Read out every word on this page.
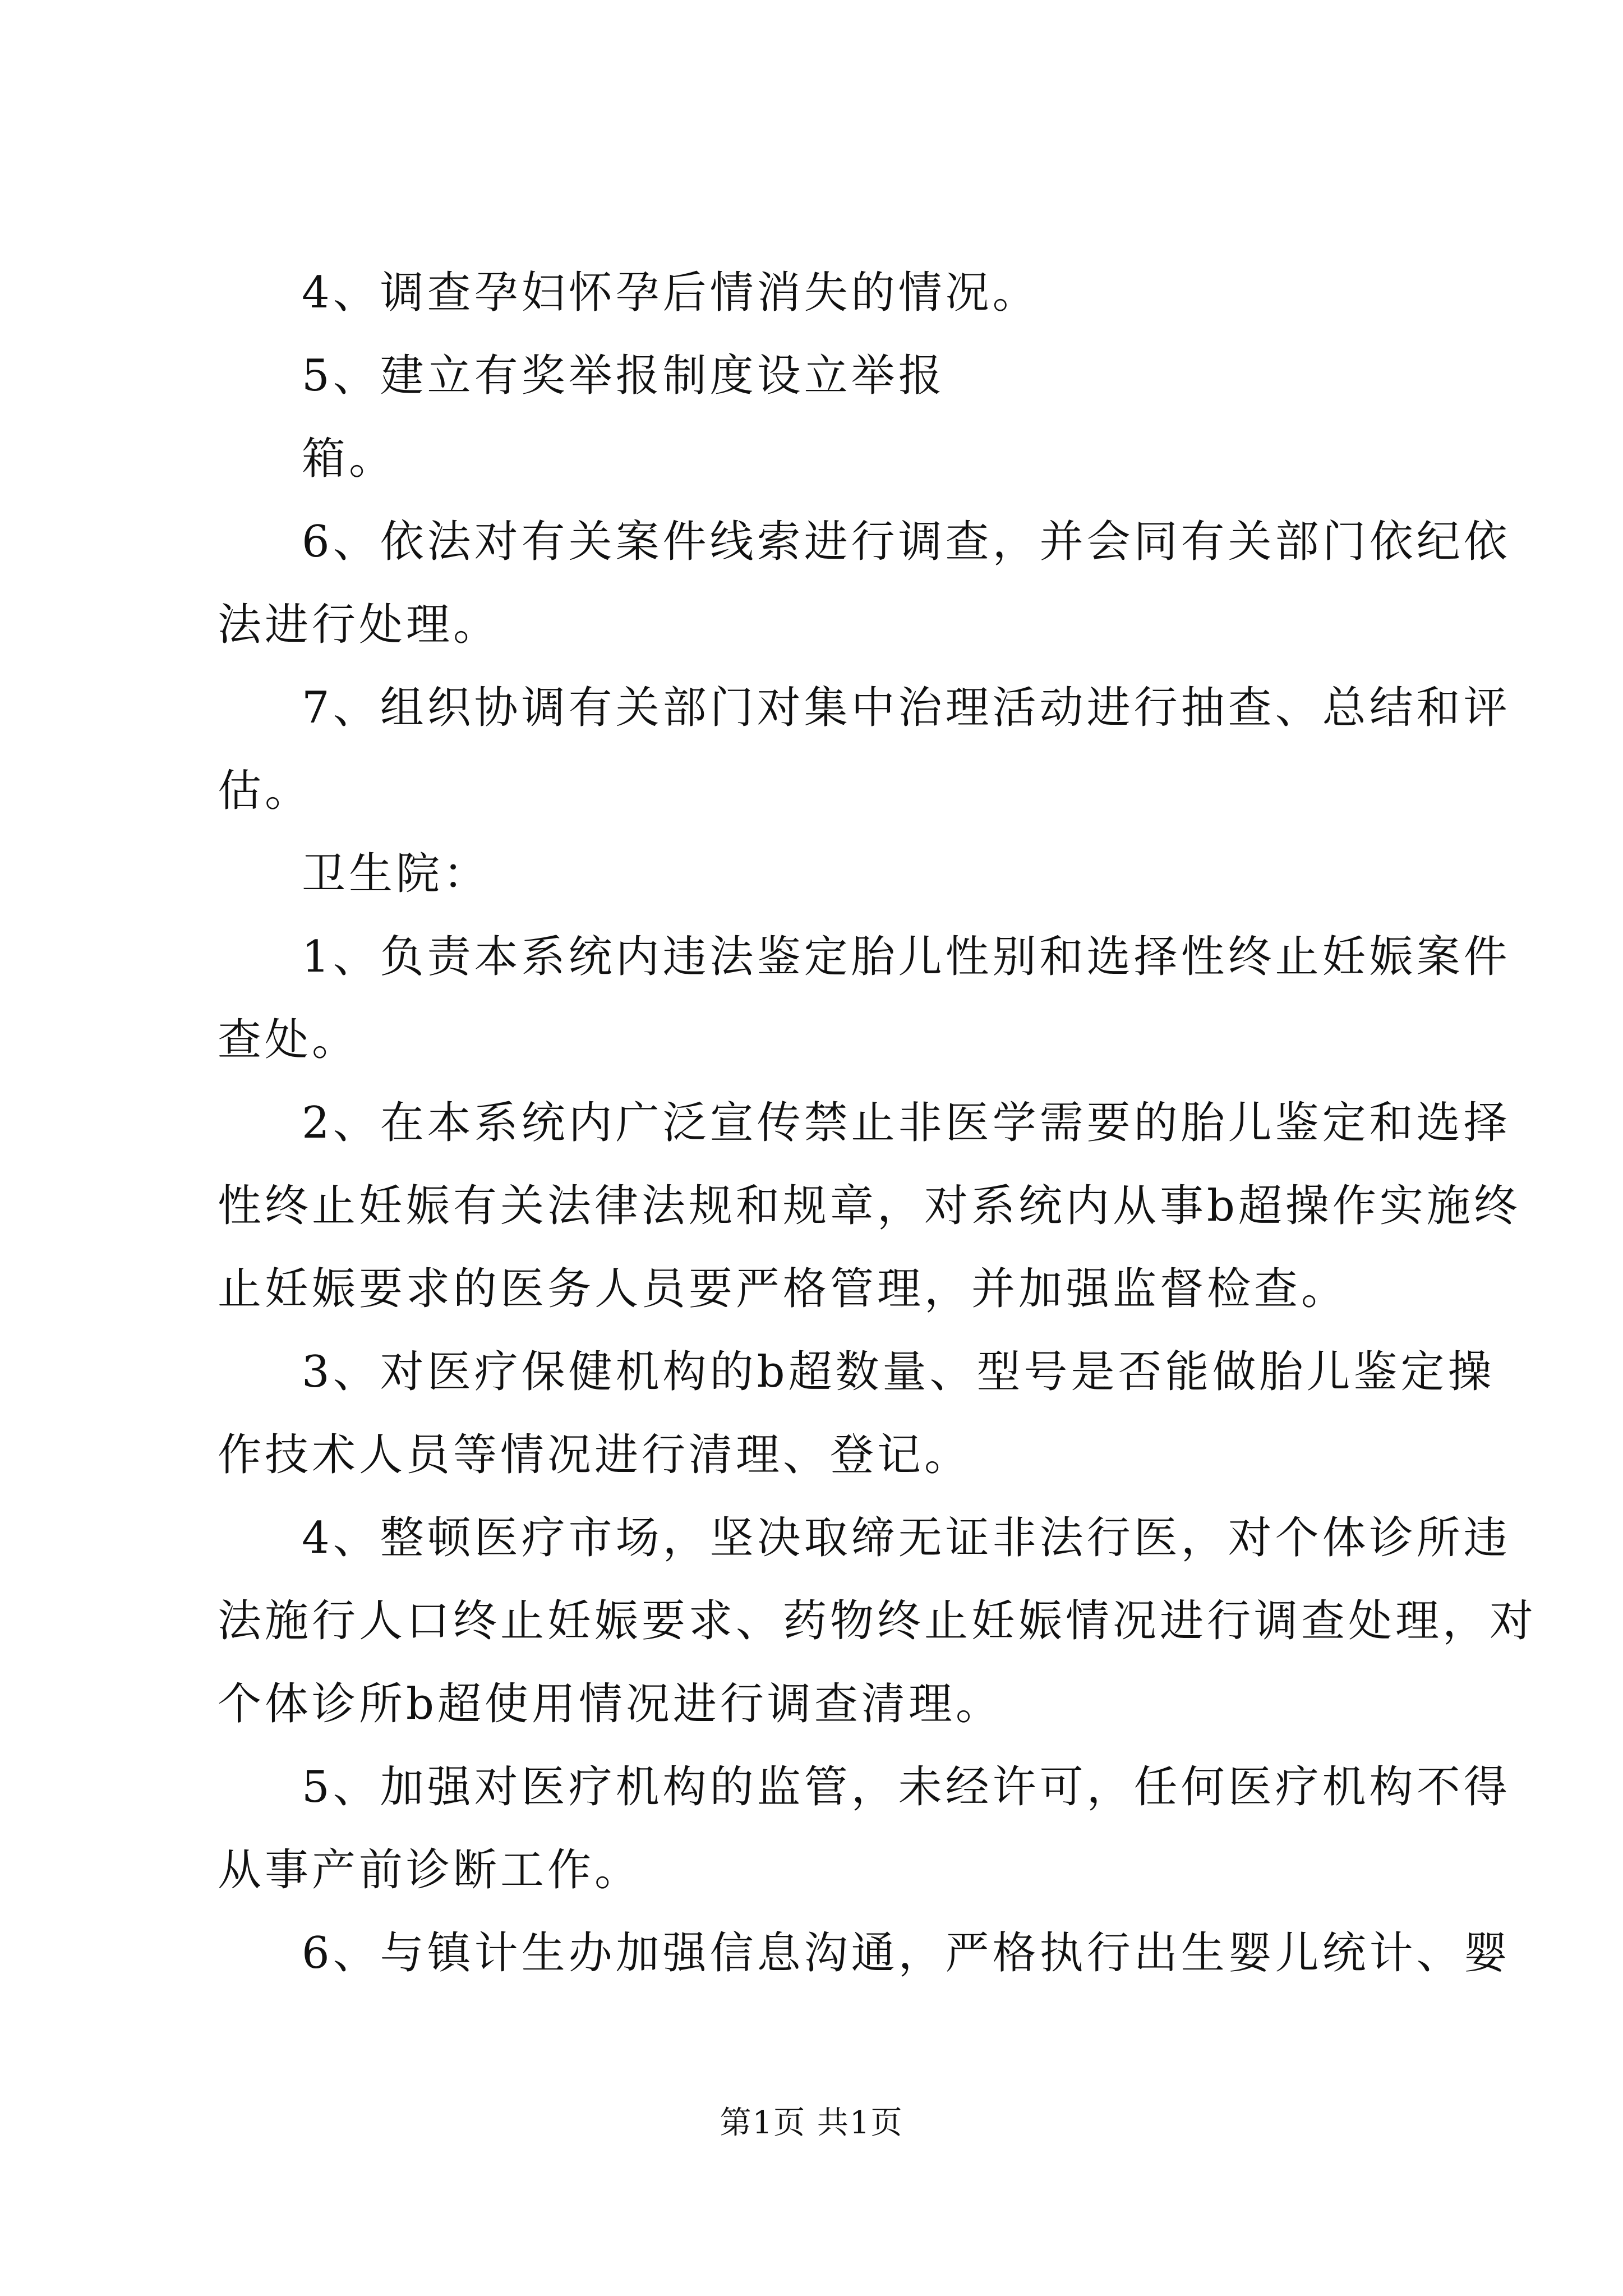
4、调查孕妇怀孕后情消失的情况。
5、建立有奖举报制度设立举报
箱。
6、依法对有关案件线索进行调查，并会同有关部门依纪依
法进行处理。
7、组织协调有关部门对集中治理活动进行抽查、总结和评
估。
卫生院：
1、负责本系统内违法鉴定胎儿性别和选择性终止妊娠案件
查处。
2、在本系统内广泛宣传禁止非医学需要的胎儿鉴定和选择
性终止妊娠有关法律法规和规章，对系统内从事b超操作实施终
止妊娠要求的医务人员要严格管理，并加强监督检查。
3、对医疗保健机构的b超数量、型号是否能做胎儿鉴定操
作技术人员等情况进行清理、登记。
4、整顿医疗市场，坚决取缔无证非法行医，对个体诊所违
法施行人口终止妊娠要求、药物终止妊娠情况进行调查处理，对
个体诊所b超使用情况进行调查清理。
5、加强对医疗机构的监管，未经许可，任何医疗机构不得
从事产前诊断工作。
6、与镇计生办加强信息沟通，严格执行出生婴儿统计、婴
第1页 共1页
